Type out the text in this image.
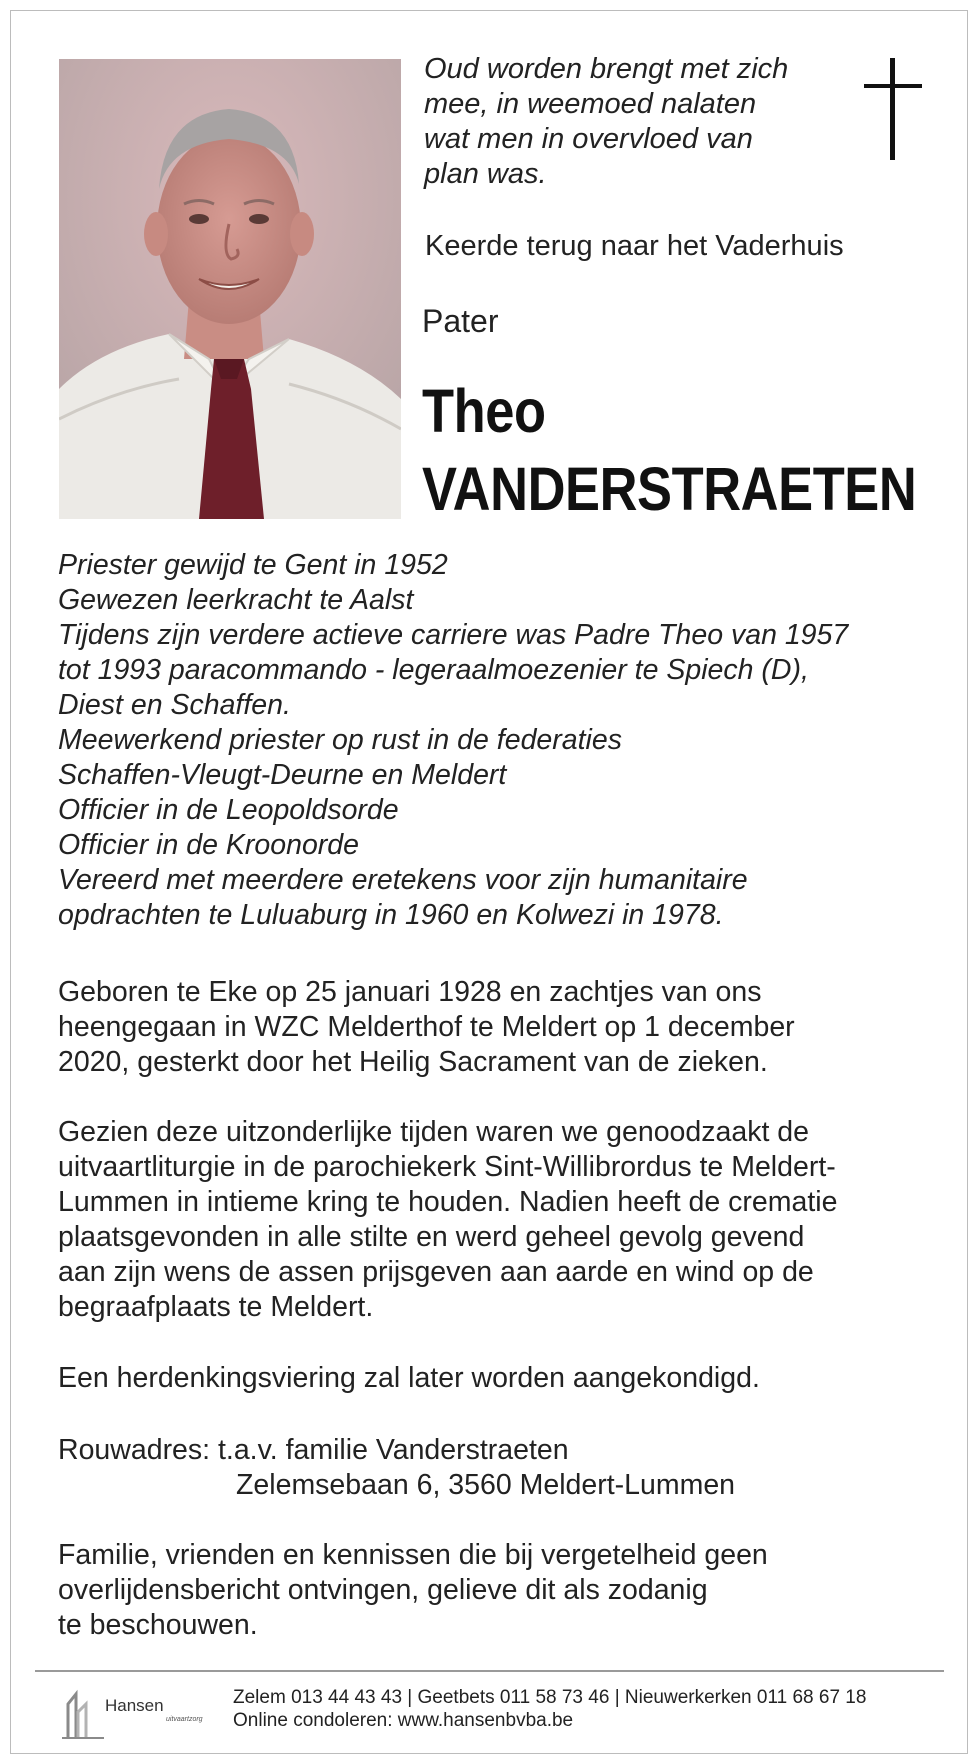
Oud worden brengt met zich
mee, in weemoed nalaten
wat men in overvloed van
plan was.
Keerde terug naar het Vaderhuis
Pater
Theo
VANDERSTRAETEN
Priester gewijd te Gent in 1952
Gewezen leerkracht te Aalst
Tijdens zijn verdere actieve carriere was Padre Theo van 1957
tot 1993 paracommando - legeraalmoezenier te Spiech (D),
Diest en Schaffen.
Meewerkend priester op rust in de federaties
Schaffen-Vleugt-Deurne en Meldert
Officier in de Leopoldsorde
Officier in de Kroonorde
Vereerd met meerdere eretekens voor zijn humanitaire
opdrachten te Luluaburg in 1960 en Kolwezi in 1978.
Geboren te Eke op 25 januari 1928 en zachtjes van ons
heengegaan in WZC Melderthof te Meldert op 1 december
2020, gesterkt door het Heilig Sacrament van de zieken.
Gezien deze uitzonderlijke tijden waren we genoodzaakt de
uitvaartliturgie in de parochiekerk Sint-Willibrordus te Meldert-
Lummen in intieme kring te houden. Nadien heeft de crematie
plaatsgevonden in alle stilte en werd geheel gevolg gevend
aan zijn wens de assen prijsgeven aan aarde en wind op de
begraafplaats te Meldert.
Een herdenkingsviering zal later worden aangekondigd.
Rouwadres: t.a.v. familie Vanderstraeten
Zelemsebaan 6, 3560 Meldert-Lummen
Familie, vrienden en kennissen die bij vergetelheid geen
overlijdensbericht ontvingen, gelieve dit als zodanig
te beschouwen.
Hansen
uitvaartzorg
Zelem 013 44 43 43 | Geetbets 011 58 73 46 | Nieuwerkerken 011 68 67 18
Online condoleren: www.hansenbvba.be
